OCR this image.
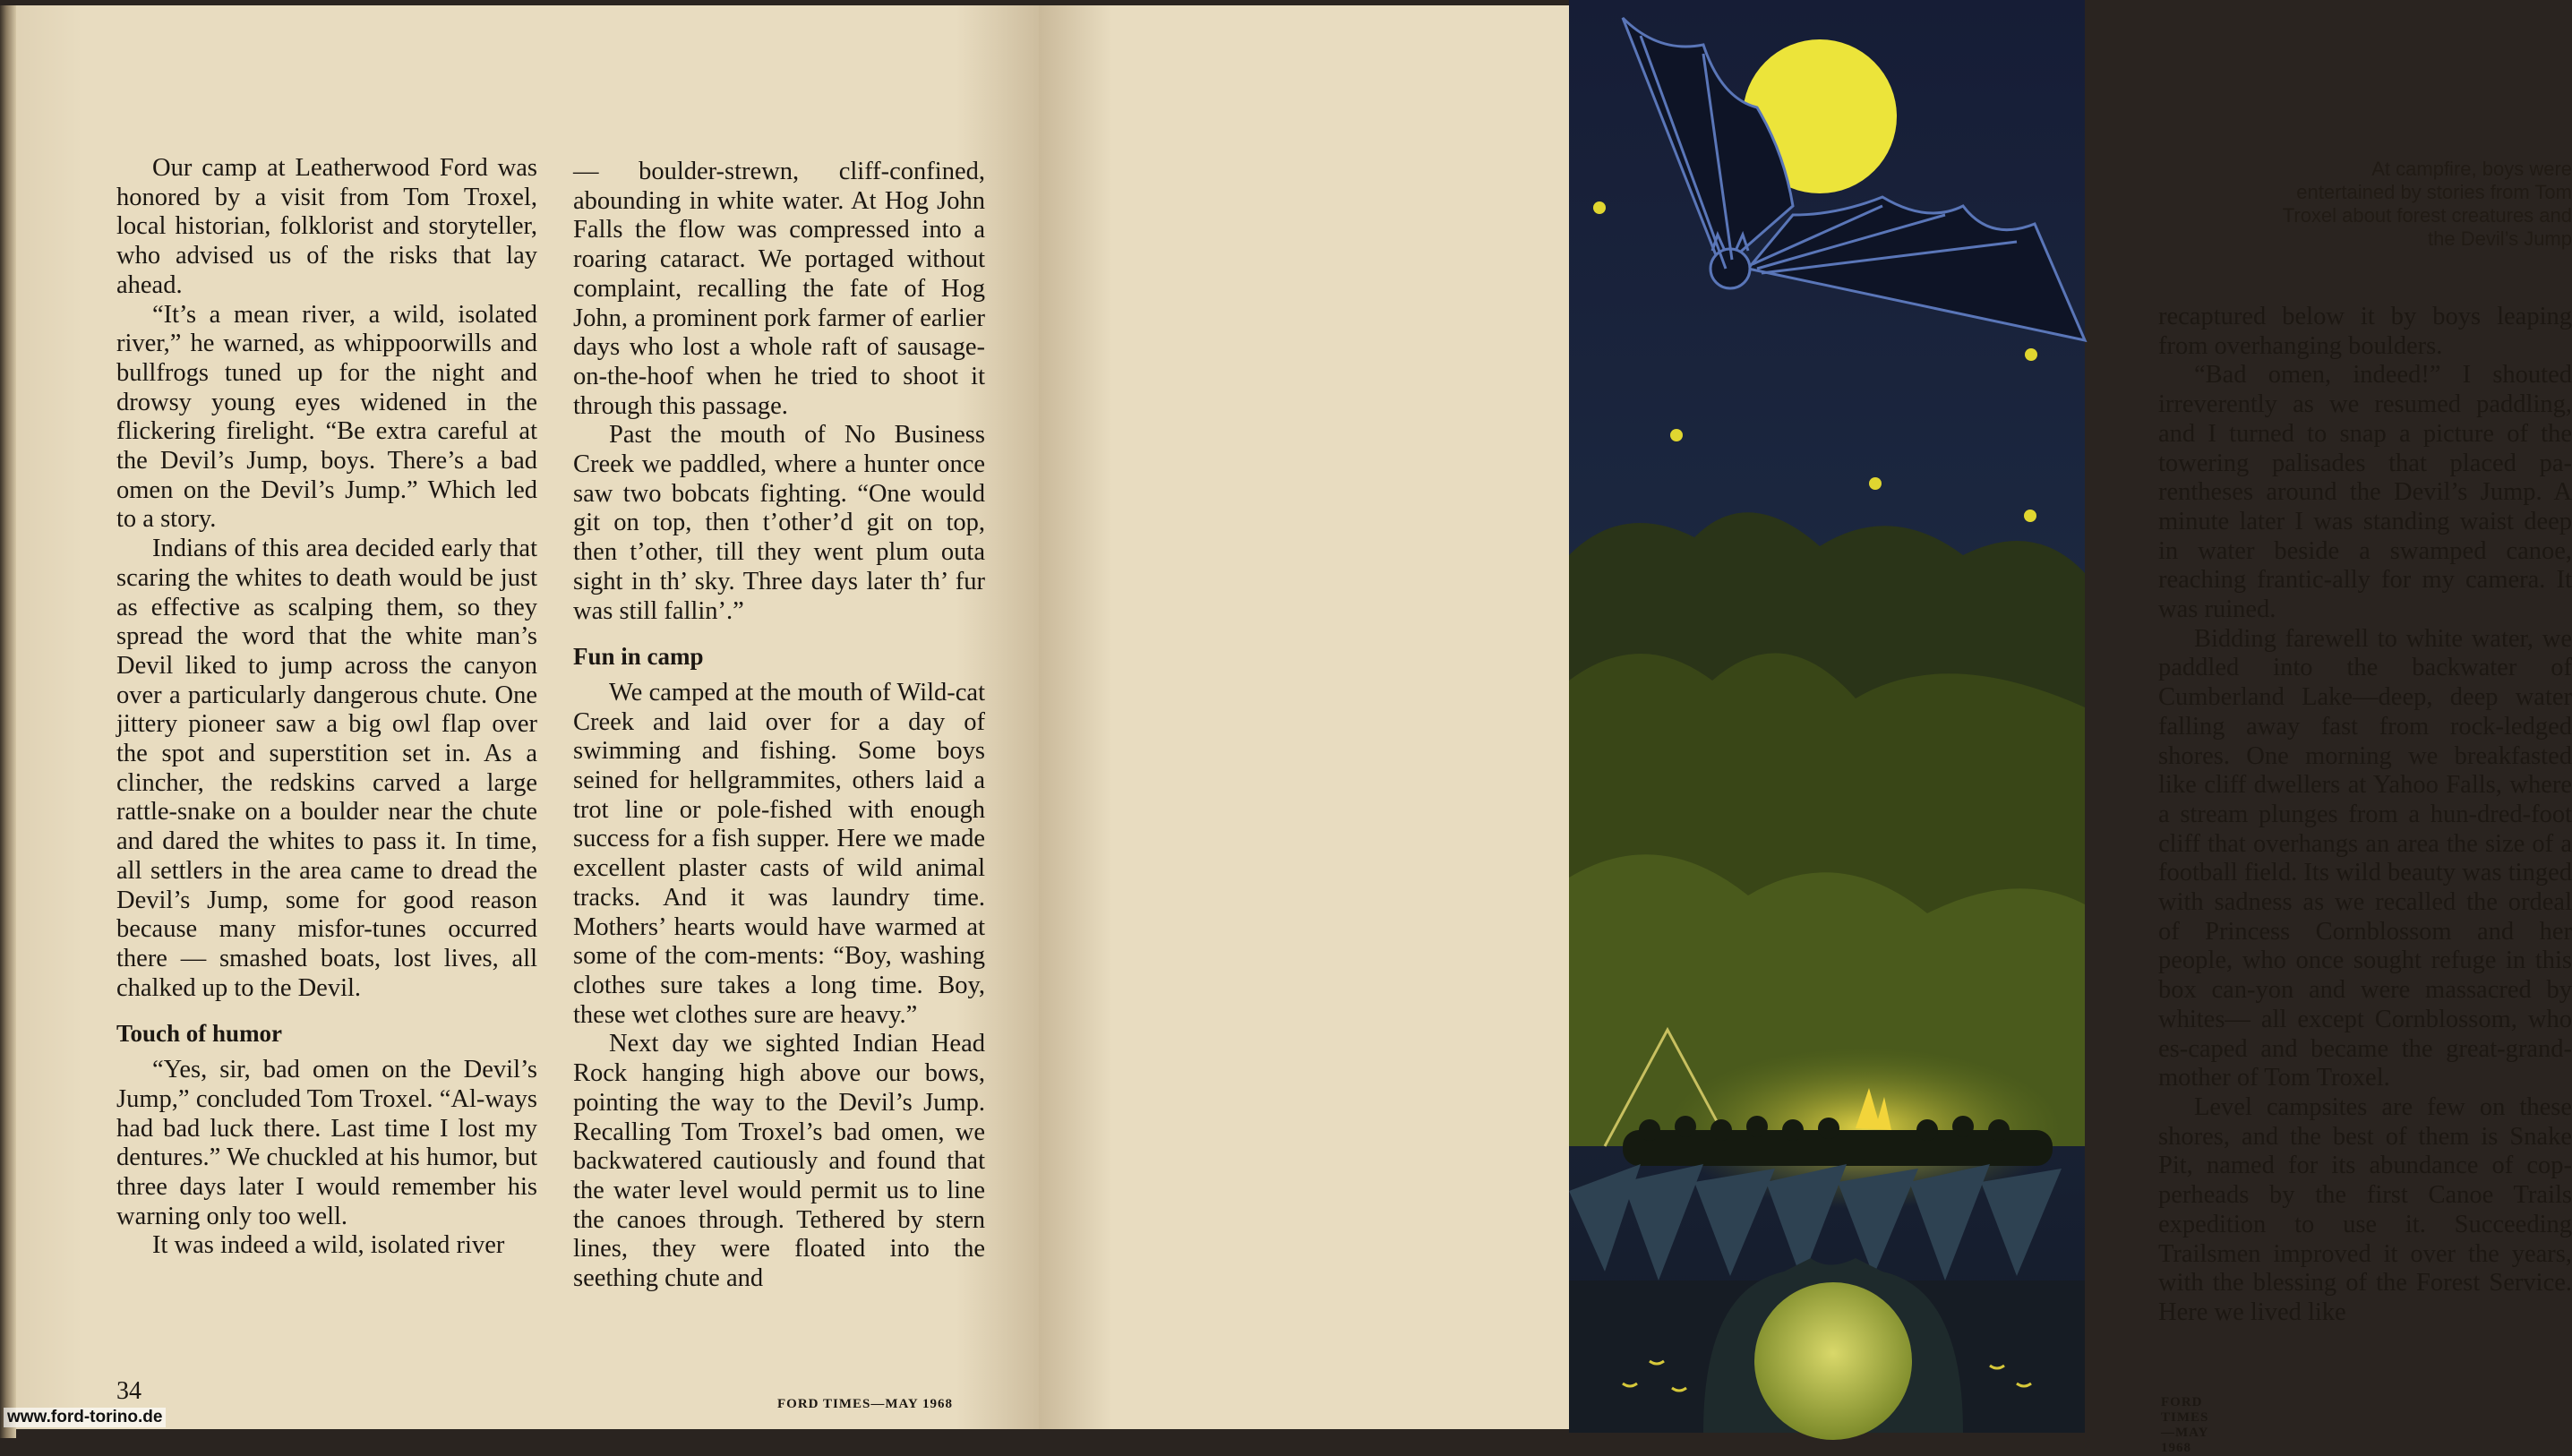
Our camp at Leatherwood Ford was honored by a visit from Tom Troxel, local historian, folklorist and storyteller, who advised us of the risks that lay ahead.

“It’s a mean river, a wild, isolated river,” he warned, as whippoorwills and bullfrogs tuned up for the night and drowsy young eyes widened in the flickering firelight. “Be extra careful at the Devil’s Jump, boys. There’s a bad omen on the Devil’s Jump.” Which led to a story.

Indians of this area decided early that scaring the whites to death would be just as effective as scalping them, so they spread the word that the white man’s Devil liked to jump across the canyon over a particularly dangerous chute. One jittery pioneer saw a big owl flap over the spot and superstition set in. As a clincher, the redskins carved a large rattle-snake on a boulder near the chute and dared the whites to pass it. In time, all settlers in the area came to dread the Devil’s Jump, some for good reason because many misfor-tunes occurred there — smashed boats, lost lives, all chalked up to the Devil.

Touch of humor

“Yes, sir, bad omen on the Devil’s Jump,” concluded Tom Troxel. “Al-ways had bad luck there. Last time I lost my dentures.” We chuckled at his humor, but three days later I would remember his warning only too well.

It was indeed a wild, isolated river

— boulder-strewn, cliff-confined, abounding in white water. At Hog John Falls the flow was compressed into a roaring cataract. We portaged without complaint, recalling the fate of Hog John, a prominent pork farmer of earlier days who lost a whole raft of sausage-on-the-hoof when he tried to shoot it through this passage.

Past the mouth of No Business Creek we paddled, where a hunter once saw two bobcats fighting. “One would git on top, then t’other’d git on top, then t’other, till they went plum outa sight in th’ sky. Three days later th’ fur was still fallin’.”

Fun in camp

We camped at the mouth of Wild-cat Creek and laid over for a day of swimming and fishing. Some boys seined for hellgrammites, others laid a trot line or pole-fished with enough success for a fish supper. Here we made excellent plaster casts of wild animal tracks. And it was laundry time. Mothers’ hearts would have warmed at some of the com-ments: “Boy, washing clothes sure takes a long time. Boy, these wet clothes sure are heavy.”

Next day we sighted Indian Head Rock hanging high above our bows, pointing the way to the Devil’s Jump. Recalling Tom Troxel’s bad omen, we backwatered cautiously and found that the water level would permit us to line the canoes through. Tethered by stern lines, they were floated into the seething chute and

34	FORD TIMES—MAY 1968
At campfire, boys were entertained by stories from Tom Troxel about forest creatures and the Devil’s Jump

recaptured below it by boys leaping from overhanging boulders.

“Bad omen, indeed!” I shouted irreverently as we resumed paddling, and I turned to snap a picture of the towering palisades that placed pa-rentheses around the Devil’s Jump. A minute later I was standing waist deep in water beside a swamped canoe, reaching frantic-ally for my camera. It was ruined.

Bidding farewell to white water, we paddled into the backwater of Cumberland Lake—deep, deep water falling away fast from rock-ledged shores. One morning we breakfasted like cliff dwellers at Yahoo Falls, where a stream plunges from a hun-dred-foot cliff that overhangs an area the size of a football field. Its wild beauty was tinged with sadness as we recalled the ordeal of Princess Cornblossom and her people, who once sought refuge in this box can-yon and were massacred by whites— all except Cornblossom, who es-caped and became the great-grand-mother of Tom Troxel.

Level campsites are few on these shores, and the best of them is Snake Pit, named for its abundance of cop-perheads by the first Canoe Trails expedition to use it. Succeeding Trailsmen improved it over the years, with the blessing of the Forest Service. Here we lived like

FORD TIMES—MAY 1968
www.ford-torino.de
